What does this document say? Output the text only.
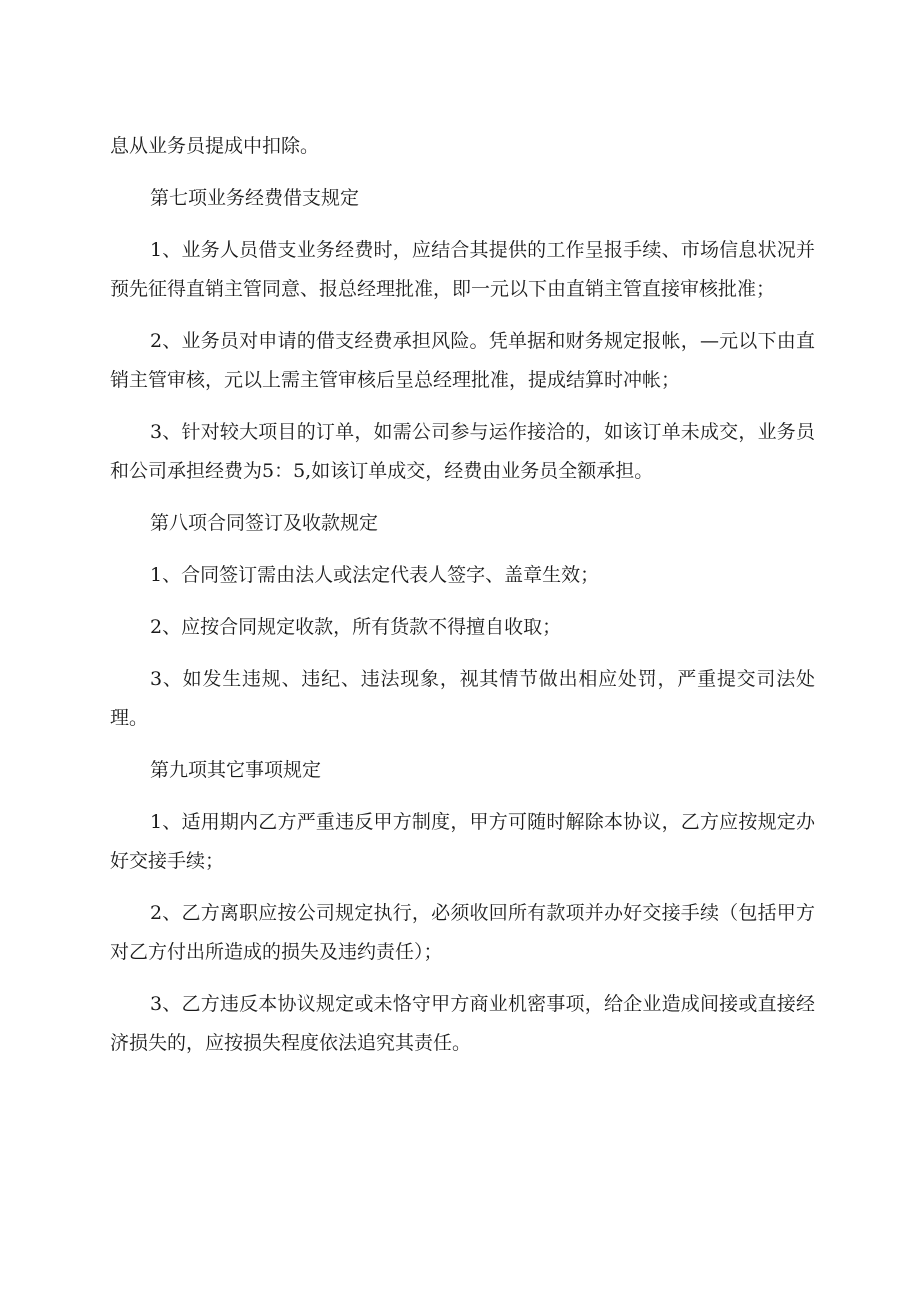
息从业务员提成中扣除。

第七项业务经费借支规定

1、业务人员借支业务经费时，应结合其提供的工作呈报手续、市场信息状况并预先征得直销主管同意、报总经理批准，即一元以下由直销主管直接审核批准；

2、业务员对申请的借支经费承担风险。凭单据和财务规定报帐，—元以下由直销主管审核，元以上需主管审核后呈总经理批准，提成结算时冲帐；

3、针对较大项目的订单，如需公司参与运作接洽的，如该订单未成交，业务员和公司承担经费为5：5,如该订单成交，经费由业务员全额承担。

第八项合同签订及收款规定

1、合同签订需由法人或法定代表人签字、盖章生效；

2、应按合同规定收款，所有货款不得擅自收取；

3、如发生违规、违纪、违法现象，视其情节做出相应处罚，严重提交司法处理。

第九项其它事项规定

1、适用期内乙方严重违反甲方制度，甲方可随时解除本协议，乙方应按规定办好交接手续；

2、乙方离职应按公司规定执行，必须收回所有款项并办好交接手续（包括甲方对乙方付出所造成的损失及违约责任）；

3、乙方违反本协议规定或未恪守甲方商业机密事项，给企业造成间接或直接经济损失的，应按损失程度依法追究其责任。
